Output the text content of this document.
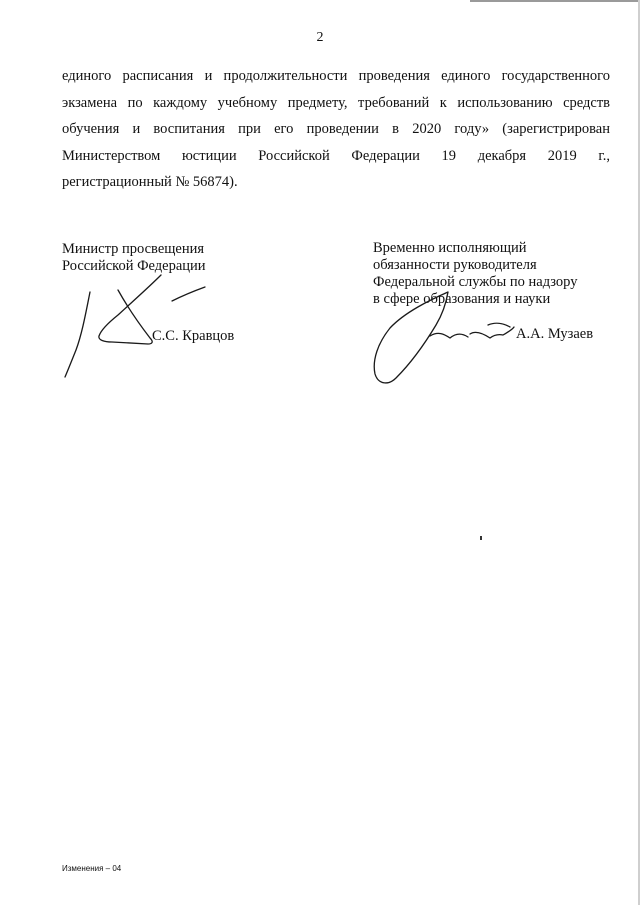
2
единого расписания и продолжительности проведения единого государственного
экзамена по каждому учебному предмету, требований к использованию средств
обучения и воспитания при его проведении в 2020 году» (зарегистрирован
Министерством юстиции Российской Федерации 19 декабря 2019 г.,
регистрационный № 56874).
Министр просвещения
Российской Федерации
Временно исполняющий
обязанности руководителя
Федеральной службы по надзору
в сфере образования и науки
С.С. Кравцов	А.А. Музаев
Изменения – 04
